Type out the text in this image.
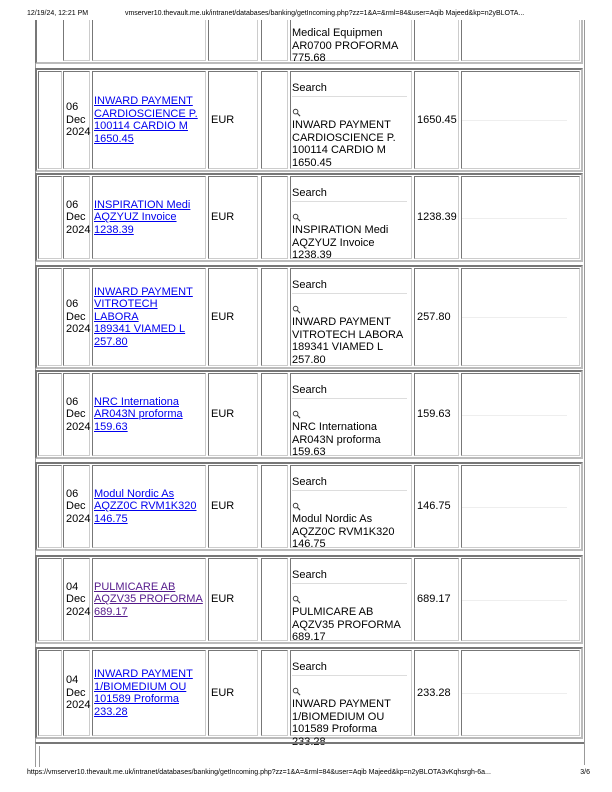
12/19/24, 12:21 PM	vmserver10.thevault.me.uk/intranet/databases/banking/getIncoming.php?zz=1&A=&rml=84&user=Aqib Majeed&kp=n2yBLOTA...
Medical Equipmen
AR0700 PROFORMA
775.68
06
Dec
2024
INWARD PAYMENT
CARDIOSCIENCE P.
100114 CARDIO M
1650.45
EUR
Search
INWARD PAYMENT
CARDIOSCIENCE P.
100114 CARDIO M
1650.45
1650.45
06
Dec
2024
INSPIRATION Medi
AQZYUZ Invoice
1238.39
EUR
Search
INSPIRATION Medi
AQZYUZ Invoice
1238.39
1238.39
06
Dec
2024
INWARD PAYMENT
VITROTECH LABORA
189341 VIAMED L
257.80
EUR
Search
INWARD PAYMENT
VITROTECH LABORA
189341 VIAMED L
257.80
257.80
06
Dec
2024
NRC Internationa
AR043N proforma
159.63
EUR
Search
NRC Internationa
AR043N proforma
159.63
159.63
06
Dec
2024
Modul Nordic As
AQZZ0C RVM1K320
146.75
EUR
Search
Modul Nordic As
AQZZ0C RVM1K320
146.75
146.75
04
Dec
2024
PULMICARE AB
AQZV35 PROFORMA
689.17
EUR
Search
PULMICARE AB
AQZV35 PROFORMA
689.17
689.17
04
Dec
2024
INWARD PAYMENT
1/BIOMEDIUM OU
101589 Proforma
233.28
EUR
Search
INWARD PAYMENT
1/BIOMEDIUM OU
101589 Proforma 233.28
233.28
https://vmserver10.thevault.me.uk/intranet/databases/banking/getIncoming.php?zz=1&A=&rml=84&user=Aqib Majeed&kp=n2yBLOTA3vKqhsrgh-6a...	3/6
